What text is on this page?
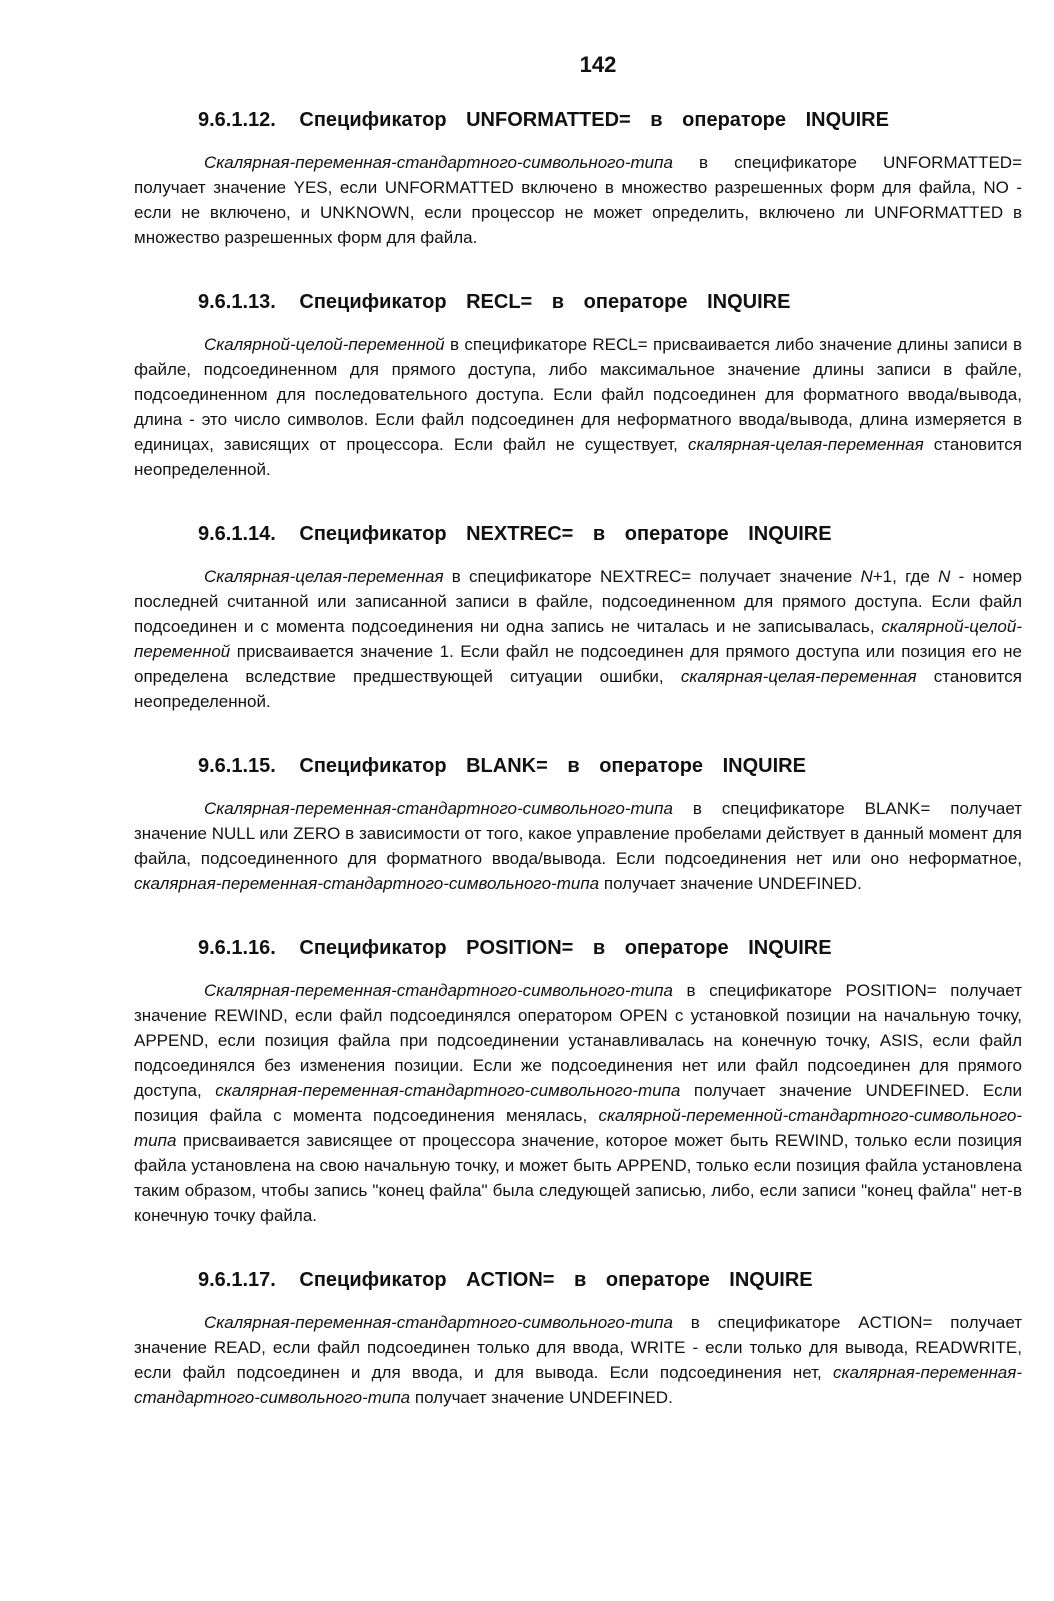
142
9.6.1.12. Спецификатор UNFORMATTED= в операторе INQUIRE

Скалярная-переменная-стандартного-символьного-типа в спецификаторе UNFORMATTED= получает значение YES, если UNFORMATTED включено в множество разрешенных форм для файла, NO - если не включено, и UNKNOWN, если процессор не может определить, включено ли UNFORMATTED в множество разрешенных форм для файла.

9.6.1.13. Спецификатор RECL= в операторе INQUIRE

Скалярной-целой-переменной в спецификаторе RECL= присваивается либо значение длины записи в файле, подсоединенном для прямого доступа, либо максимальное значение длины записи в файле, подсоединенном для последовательного доступа. Если файл подсоединен для форматного ввода/вывода, длина - это число символов. Если файл подсоединен для неформатного ввода/вывода, длина измеряется в единицах, зависящих от процессора. Если файл не существует, скалярная-целая-переменная становится неопределенной.

9.6.1.14. Спецификатор NEXTREC= в операторе INQUIRE

Скалярная-целая-переменная в спецификаторе NEXTREC= получает значение N+1, где N - номер последней считанной или записанной записи в файле, подсоединенном для прямого доступа. Если файл подсоединен и с момента подсоединения ни одна запись не читалась и не записывалась, скалярной-целой-переменной присваивается значение 1. Если файл не подсоединен для прямого доступа или позиция его не определена вследствие предшествующей ситуации ошибки, скалярная-целая-переменная становится неопределенной.

9.6.1.15. Спецификатор BLANK= в операторе INQUIRE

Скалярная-переменная-стандартного-символьного-типа в спецификаторе BLANK= получает значение NULL или ZERO в зависимости от того, какое управление пробелами действует в данный момент для файла, подсоединенного для форматного ввода/вывода. Если подсоединения нет или оно неформатное, скалярная-переменная-стандартного-символьного-типа получает значение UNDEFINED.

9.6.1.16. Спецификатор POSITION= в операторе INQUIRE

Скалярная-переменная-стандартного-символьного-типа в спецификаторе POSITION= получает значение REWIND, если файл подсоединялся оператором OPEN с установкой позиции на начальную точку, APPEND, если позиция файла при подсоединении устанавливалась на конечную точку, ASIS, если файл подсоединялся без изменения позиции. Если же подсоединения нет или файл подсоединен для прямого доступа, скалярная-переменная-стандартного-символьного-типа получает значение UNDEFINED. Если позиция файла с момента подсоединения менялась, скалярной-переменной-стандартного-символьного-типа присваивается зависящее от процессора значение, которое может быть REWIND, только если позиция файла установлена на свою начальную точку, и может быть APPEND, только если позиция файла установлена таким образом, чтобы запись "конец файла" была следующей записью, либо, если записи "конец файла" нет-в конечную точку файла.

9.6.1.17. Спецификатор ACTION= в операторе INQUIRE

Скалярная-переменная-стандартного-символьного-типа в спецификаторе ACTION= получает значение READ, если файл подсоединен только для ввода, WRITE - если только для вывода, READWRITE, если файл подсоединен и для ввода, и для вывода. Если подсоединения нет, скалярная-переменная-стандартного-символьного-типа получает значение UNDEFINED.
